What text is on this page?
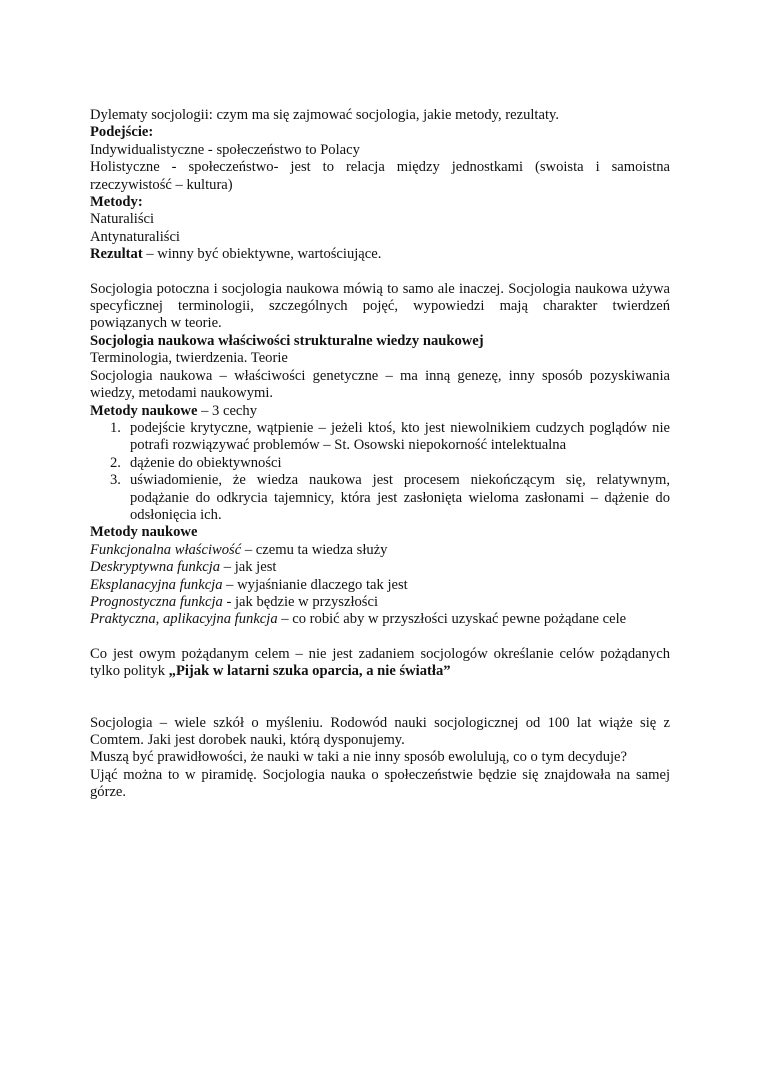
Dylematy socjologii: czym ma się zajmować socjologia, jakie metody, rezultaty.

Podejście:

Indywidualistyczne - społeczeństwo to Polacy

Holistyczne - społeczeństwo- jest to relacja między jednostkami (swoista i samoistna rzeczywistość – kultura)

Metody:

Naturaliści

Antynaturaliści

Rezultat – winny być obiektywne, wartościujące.

Socjologia potoczna i socjologia naukowa mówią to samo ale inaczej. Socjologia naukowa używa specyficznej terminologii, szczególnych pojęć, wypowiedzi mają charakter twierdzeń powiązanych w teorie.

Socjologia naukowa właściwości strukturalne wiedzy naukowej

Terminologia, twierdzenia. Teorie

Socjologia naukowa – właściwości genetyczne – ma inną genezę, inny sposób pozyskiwania wiedzy, metodami naukowymi.

Metody naukowe – 3 cechy

1. podejście krytyczne, wątpienie – jeżeli ktoś, kto jest niewolnikiem cudzych poglądów nie potrafi rozwiązywać problemów – St. Osowski niepokorność intelektualna
2. dążenie do obiektywności
3. uświadomienie, że wiedza naukowa jest procesem niekończącym się, relatywnym, podążanie do odkrycia tajemnicy, która jest zasłonięta wieloma zasłonami – dążenie do odsłonięcia ich.

Metody naukowe

Funkcjonalna właściwość – czemu ta wiedza służy

Deskryptywna funkcja – jak jest

Eksplanacyjna funkcja – wyjaśnianie dlaczego tak jest

Prognostyczna funkcja - jak będzie w przyszłości

Praktyczna, aplikacyjna funkcja – co robić aby w przyszłości uzyskać pewne pożądane cele

Co jest owym pożądanym celem – nie jest zadaniem socjologów określanie celów pożądanych tylko polityk „Pijak w latarni szuka oparcia, a nie światła”

Socjologia – wiele szkół o myśleniu. Rodowód nauki socjologicznej od 100 lat wiąże się z Comtem. Jaki jest dorobek nauki, którą dysponujemy.

Muszą być prawidłowości, że nauki w taki a nie inny sposób ewolulują, co o tym decyduje?

Ująć można to w piramidę. Socjologia nauka o społeczeństwie będzie się znajdowała na samej górze.
